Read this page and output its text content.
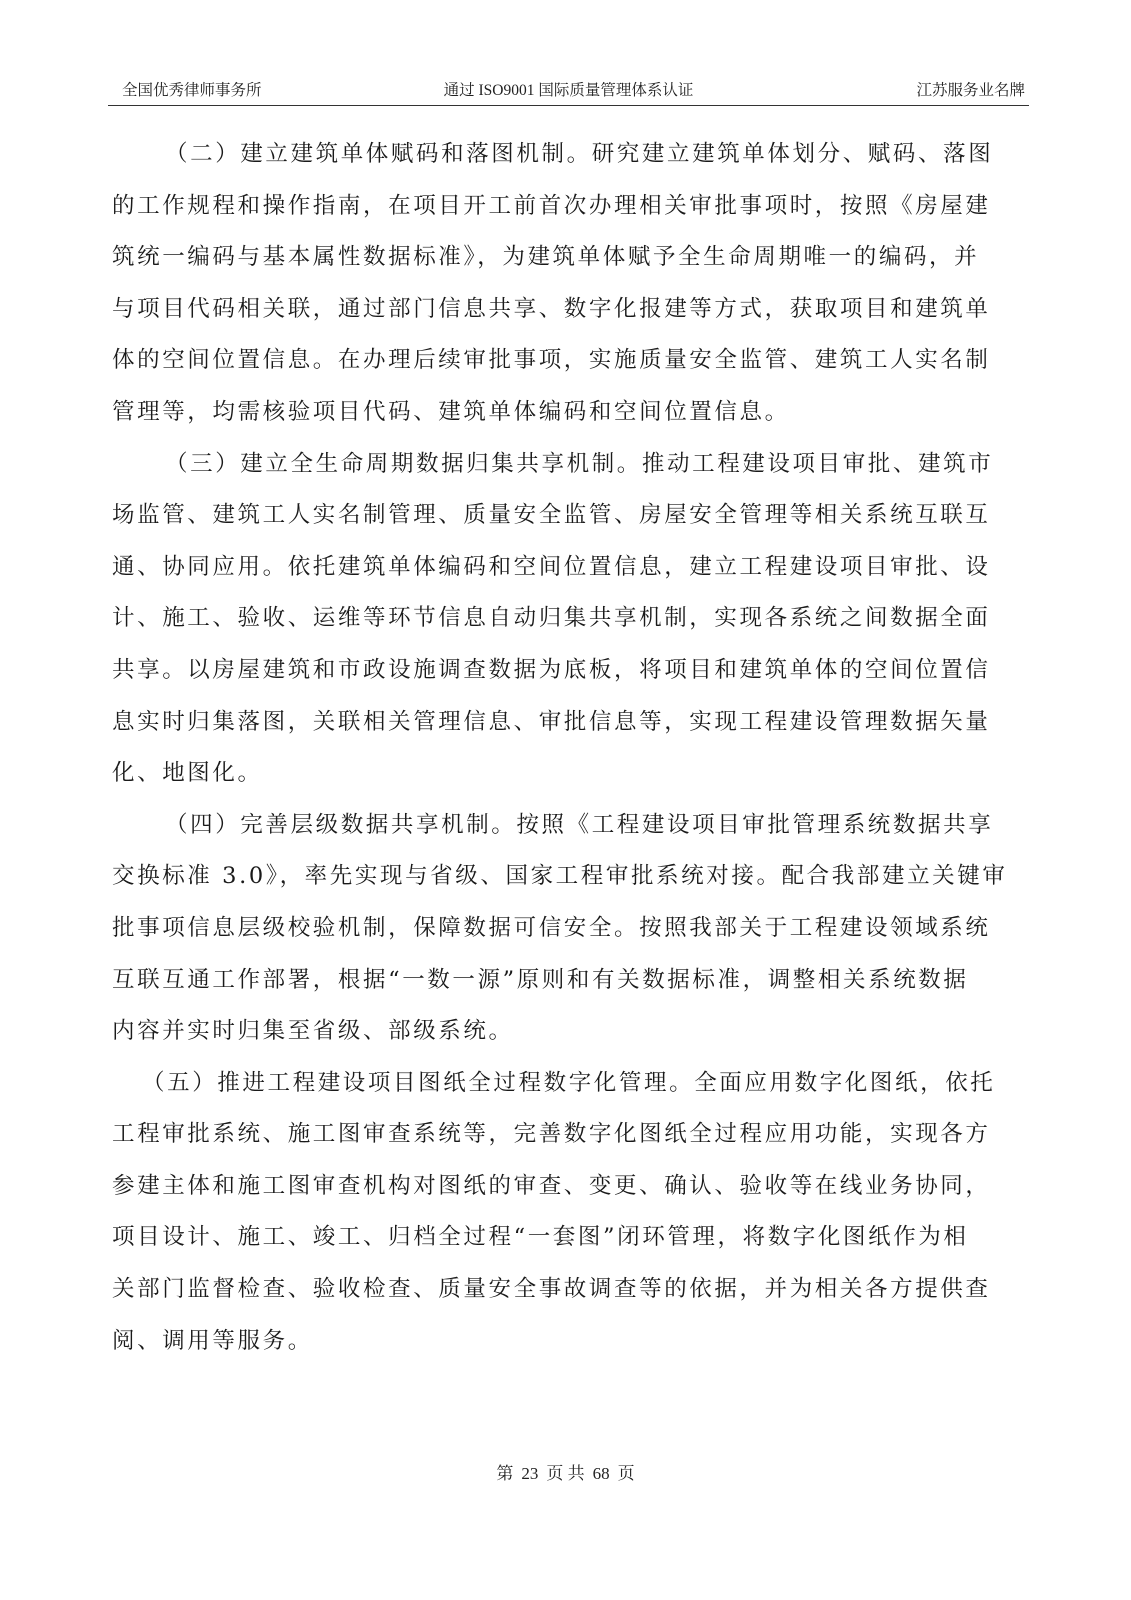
全国优秀律师事务所	通过 ISO9001 国际质量管理体系认证	江苏服务业名牌

（二）建立建筑单体赋码和落图机制。研究建立建筑单体划分、赋码、落图
的工作规程和操作指南，在项目开工前首次办理相关审批事项时，按照《房屋建
筑统一编码与基本属性数据标准》，为建筑单体赋予全生命周期唯一的编码，并
与项目代码相关联，通过部门信息共享、数字化报建等方式，获取项目和建筑单
体的空间位置信息。在办理后续审批事项，实施质量安全监管、建筑工人实名制
管理等，均需核验项目代码、建筑单体编码和空间位置信息。

（三）建立全生命周期数据归集共享机制。推动工程建设项目审批、建筑市
场监管、建筑工人实名制管理、质量安全监管、房屋安全管理等相关系统互联互
通、协同应用。依托建筑单体编码和空间位置信息，建立工程建设项目审批、设
计、施工、验收、运维等环节信息自动归集共享机制，实现各系统之间数据全面
共享。以房屋建筑和市政设施调查数据为底板，将项目和建筑单体的空间位置信
息实时归集落图，关联相关管理信息、审批信息等，实现工程建设管理数据矢量
化、地图化。

（四）完善层级数据共享机制。按照《工程建设项目审批管理系统数据共享
交换标准 3.0》，率先实现与省级、国家工程审批系统对接。配合我部建立关键审
批事项信息层级校验机制，保障数据可信安全。按照我部关于工程建设领域系统
互联互通工作部署，根据“一数一源”原则和有关数据标准，调整相关系统数据
内容并实时归集至省级、部级系统。

（五）推进工程建设项目图纸全过程数字化管理。全面应用数字化图纸，依托
工程审批系统、施工图审查系统等，完善数字化图纸全过程应用功能，实现各方
参建主体和施工图审查机构对图纸的审查、变更、确认、验收等在线业务协同，
项目设计、施工、竣工、归档全过程“一套图”闭环管理，将数字化图纸作为相
关部门监督检查、验收检查、质量安全事故调查等的依据，并为相关各方提供查
阅、调用等服务。

第 23 页 共 68 页
